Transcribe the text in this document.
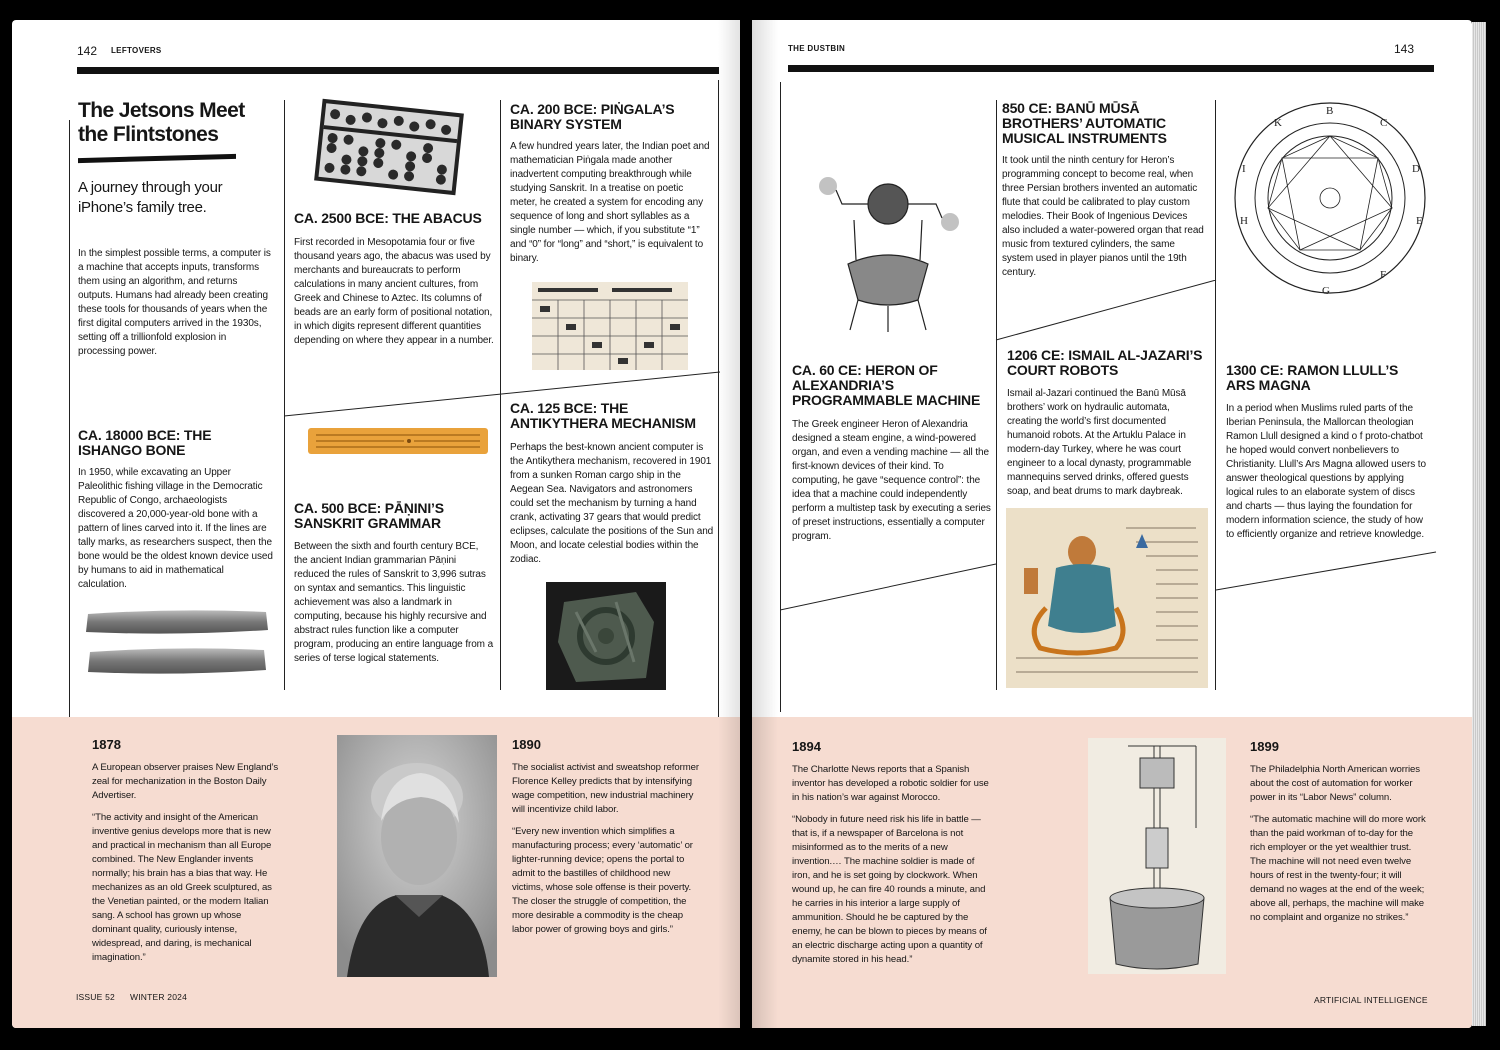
142 LEFTOVERS
The Jetsons Meet the Flintstones
A journey through your iPhone’s family tree.
In the simplest possible terms, a computer is a machine that accepts inputs, transforms them using an algorithm, and returns outputs. Humans had already been creating these tools for thousands of years when the first digital computers arrived in the 1930s, setting off a trillionfold explosion in processing power.
CA. 18000 BCE: THE ISHANGO BONE
In 1950, while excavating an Upper Paleolithic fishing village in the Democratic Republic of Congo, archaeologists discovered a 20,000-year-old bone with a pattern of lines carved into it. If the lines are tally marks, as researchers suspect, then the bone would be the oldest known device used by humans to aid in mathematical calculation.
CA. 2500 BCE: THE ABACUS
First recorded in Mesopotamia four or five thousand years ago, the abacus was used by merchants and bureaucrats to perform calculations in many ancient cultures, from Greek and Chinese to Aztec. Its columns of beads are an early form of positional notation, in which digits represent different quantities depending on where they appear in a number.
CA. 500 BCE: PĀṆINI’S SANSKRIT GRAMMAR
Between the sixth and fourth century BCE, the ancient Indian grammarian Pāṇini reduced the rules of Sanskrit to 3,996 sutras on syntax and semantics. This linguistic achievement was also a landmark in computing, because his highly recursive and abstract rules function like a computer program, producing an entire language from a series of terse logical statements.
CA. 200 BCE: PIṄGALA’S BINARY SYSTEM
A few hundred years later, the Indian poet and mathematician Piṅgala made another inadvertent computing breakthrough while studying Sanskrit. In a treatise on poetic meter, he created a system for encoding any sequence of long and short syllables as a single number — which, if you substitute “1” and “0” for “long” and “short,” is equivalent to binary.
CA. 125 BCE: THE ANTIKYTHERA MECHANISM
Perhaps the best-known ancient computer is the Antikythera mechanism, recovered in 1901 from a sunken Roman cargo ship in the Aegean Sea. Navigators and astronomers could set the mechanism by turning a hand crank, activating 37 gears that would predict eclipses, calculate the positions of the Sun and Moon, and locate celestial bodies within the zodiac.
1878

A European observer praises New England’s zeal for mechanization in the Boston Daily Advertiser.

“The activity and insight of the American inventive genius develops more that is new and practical in mechanism than all Europe combined. The New Englander invents normally; his brain has a bias that way. He mechanizes as an old Greek sculptured, as the Venetian painted, or the modern Italian sang. A school has grown up whose dominant quality, curiously intense, widespread, and daring, is mechanical imagination.”

1890

The socialist activist and sweatshop reformer Florence Kelley predicts that by intensifying wage competition, new industrial machinery will incentivize child labor.

“Every new invention which simplifies a manufacturing process; every ‘automatic’ or lighter-running device; opens the portal to admit to the bastilles of childhood new victims, whose sole offense is their poverty. The closer the struggle of competition, the more desirable a commodity is the cheap labor power of growing boys and girls.”

ISSUE 52 WINTER 2024
THE DUSTBIN	143
CA. 60 CE: HERON OF ALEXANDRIA’S PROGRAMMABLE MACHINE
The Greek engineer Heron of Alexandria designed a steam engine, a wind-powered organ, and even a vending machine — all the first-known devices of their kind. To computing, he gave “sequence control”: the idea that a machine could independently perform a multistep task by executing a series of preset instructions, essentially a computer program.
850 CE: BANŪ MŪSĀ BROTHERS’ AUTOMATIC MUSICAL INSTRUMENTS
It took until the ninth century for Heron’s programming concept to become real, when three Persian brothers invented an automatic flute that could be calibrated to play custom melodies. Their Book of Ingenious Devices also included a water-powered organ that read music from textured cylinders, the same system used in player pianos until the 19th century.
1206 CE: ISMAIL AL-JAZARI’S COURT ROBOTS
Ismail al-Jazari continued the Banū Mūsā brothers’ work on hydraulic automata, creating the world’s first documented humanoid robots. At the Artuklu Palace in modern-day Turkey, where he was court engineer to a local dynasty, programmable mannequins served drinks, offered guests soap, and beat drums to mark daybreak.
B
C
D
E
F
G
H
I
K
1300 CE: RAMON LLULL’S ARS MAGNA
In a period when Muslims ruled parts of the Iberian Peninsula, the Mallorcan theologian Ramon Llull designed a kind o f proto-chatbot he hoped would convert nonbelievers to Christianity. Llull’s Ars Magna allowed users to answer theological questions by applying logical rules to an elaborate system of discs and charts — thus laying the foundation for modern information science, the study of how to efficiently organize and retrieve knowledge.
1894

The Charlotte News reports that a Spanish inventor has developed a robotic soldier for use in his nation’s war against Morocco.

“Nobody in future need risk his life in battle — that is, if a newspaper of Barcelona is not misinformed as to the merits of a new invention.… The machine soldier is made of iron, and he is set going by clockwork. When wound up, he can fire 40 rounds a minute, and he carries in his interior a large supply of ammunition. Should he be captured by the enemy, he can be blown to pieces by means of an electric discharge acting upon a quantity of dynamite stored in his head.”

1899

The Philadelphia North American worries about the cost of automation for worker power in its “Labor News” column.

“The automatic machine will do more work than the paid workman of to-day for the rich employer or the yet wealthier trust. The machine will not need even twelve hours of rest in the twenty-four; it will demand no wages at the end of the week; above all, perhaps, the machine will make no complaint and organize no strikes.”

ARTIFICIAL INTELLIGENCE
